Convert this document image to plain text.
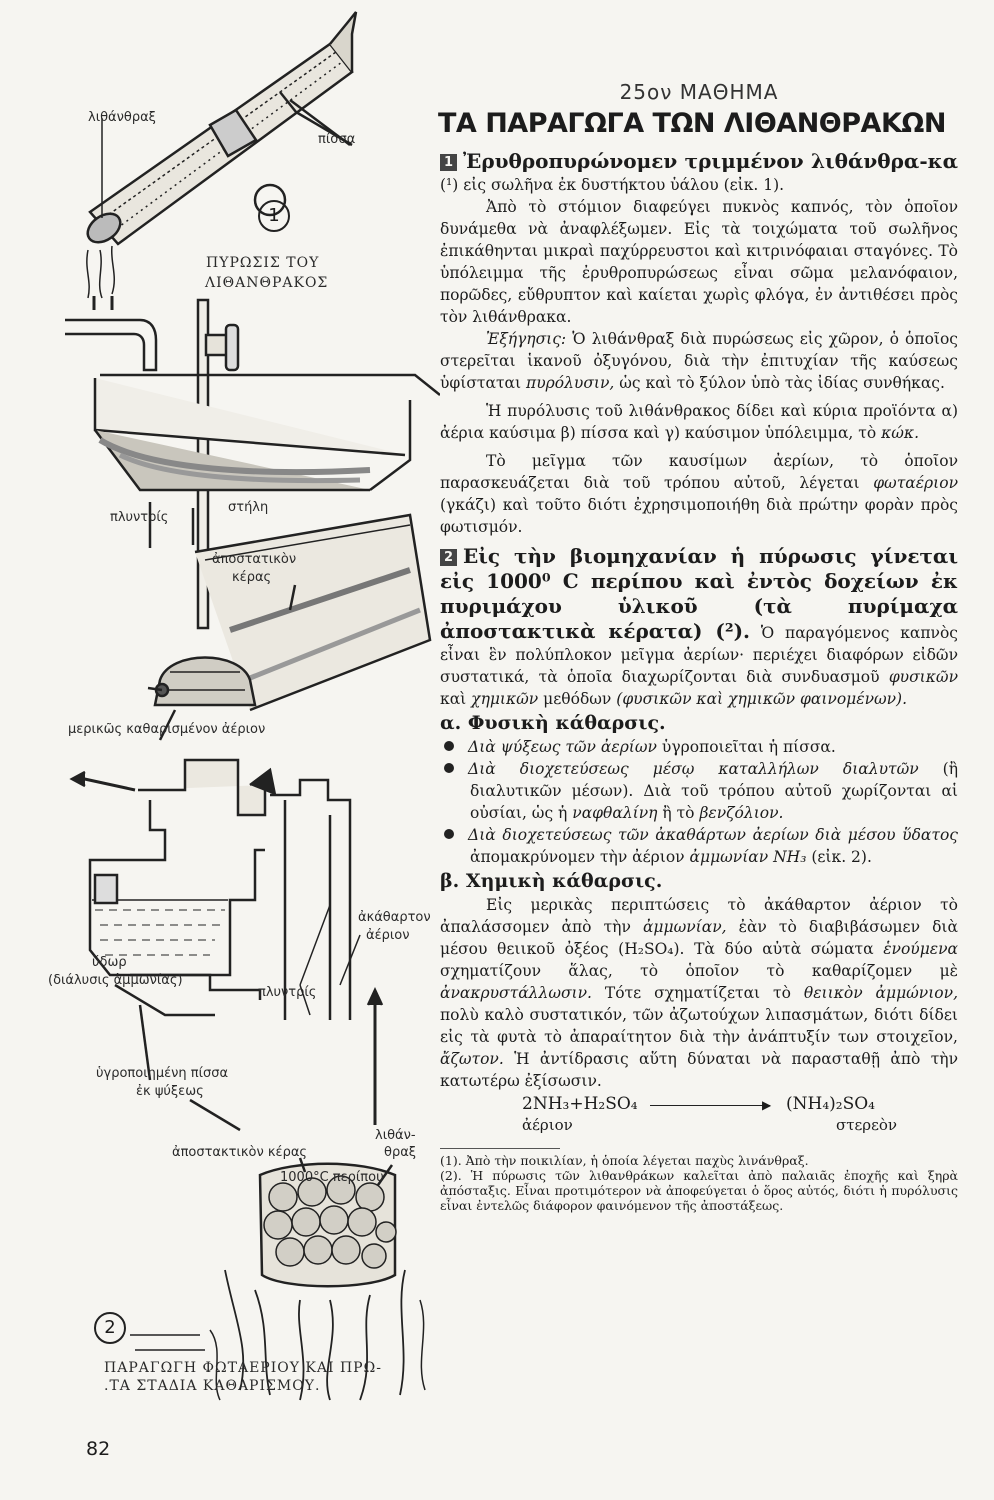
λιθάνθραξ
πίσσα
1
ΠΥΡΩΣΙΣ ΤΟΥ
ΛΙΘΑΝΘΡΑΚΟΣ
πλυντρίς
στήλη
ἀποστατικὸν
κέρας
μερικῶς καθαρισμένον ἀέριον
ἀκάθαρτον
ἀέριον
ὕδωρ
(διάλυσις ἀμμωνίας)
πλυντρίς
ὑγροποιημένη πίσσα
ἐκ ψύξεως
λιθάν-
ἀποστακτικὸν κέρας	θραξ
1000°C περίπου
2
ΠΑΡΑΓΩΓΗ ΦΩΤΑΕΡΙΟΥ ΚΑΙ ΠΡΩ-
.ΤΑ ΣΤΑΔΙΑ ΚΑΘΑΡΙΣΜΟΥ.
82
25ον ΜΑΘΗΜΑ
ΤΑ ΠΑΡΑΓΩΓΑ ΤΩΝ ΛΙΘΑΝΘΡΑΚΩΝ

1 Ἐρυθροπυρώνομεν τριμμένον λιθάνθρα-κα (¹) εἰς σωλῆνα ἐκ δυστήκτου ὑάλου (εἰκ. 1).

Ἀπὸ τὸ στόμιον διαφεύγει πυκνὸς καπνός, τὸν ὁποῖον δυνάμεθα νὰ ἀναφλέξωμεν. Εἰς τὰ τοιχώματα τοῦ σωλῆνος ἐπικάθηνται μικραὶ παχύρρευστοι καὶ κιτρινόφαιαι σταγόνες. Τὸ ὑπόλειμμα τῆς ἐρυθροπυρώσεως εἶναι σῶμα μελανόφαιον, πορῶδες, εὔθρυπτον καὶ καίεται χωρὶς φλόγα, ἐν ἀντιθέσει πρὸς τὸν λιθάνθρακα.

Ἐξήγησις: Ὁ λιθάνθραξ διὰ πυρώσεως εἰς χῶρον, ὁ ὁποῖος στερεῖται ἱκανοῦ ὀξυγόνου, διὰ τὴν ἐπιτυχίαν τῆς καύσεως ὑφίσταται πυρόλυσιν, ὡς καὶ τὸ ξύλον ὑπὸ τὰς ἰδίας συνθήκας.

Ἡ πυρόλυσις τοῦ λιθάνθρακος δίδει καὶ κύρια προϊόντα α) ἀέρια καύσιμα β) πίσσα καὶ γ) καύσιμον ὑπόλειμμα, τὸ κώκ.

Τὸ μεῖγμα τῶν καυσίμων ἀερίων, τὸ ὁποῖον παρασκευάζεται διὰ τοῦ τρόπου αὐτοῦ, λέγεται φωταέριον (γκάζι) καὶ τοῦτο διότι ἐχρησιμοποιήθη διὰ πρώτην φορὰν πρὸς φωτισμόν.

2 Εἰς τὴν βιομηχανίαν ἡ πύρωσις γίνεται εἰς 1000⁰ C περίπου καὶ ἐντὸς δοχείων ἐκ πυριμάχου ὑλικοῦ (τὰ πυρίμαχα ἀποστακτικὰ κέρατα) (²). Ὁ παραγόμενος καπνὸς εἶναι ἓν πολύπλοκον μεῖγμα ἀερίων· περιέχει διαφόρων εἰδῶν συστατικά, τὰ ὁποῖα διαχωρίζονται διὰ συνδυασμοῦ φυσικῶν καὶ χημικῶν μεθόδων (φυσικῶν καὶ χημικῶν φαινομένων).

α. Φυσικὴ κάθαρσις.

Διὰ ψύξεως τῶν ἀερίων ὑγροποιεῖται ἡ πίσσα.

Διὰ διοχετεύσεως μέσῳ καταλλήλων διαλυτῶν (ἢ διαλυτικῶν μέσων). Διὰ τοῦ τρόπου αὐτοῦ χωρίζονται αἱ οὐσίαι, ὡς ἡ ναφθαλίνη ἢ τὸ βενζόλιον.

Διὰ διοχετεύσεως τῶν ἀκαθάρτων ἀερίων διὰ μέσου ὕδατος ἀπομακρύνομεν τὴν ἀέριον ἀμμωνίαν NH₃ (εἰκ. 2).

β. Χημικὴ κάθαρσις.

Εἰς μερικὰς περιπτώσεις τὸ ἀκάθαρτον ἀέριον τὸ ἀπαλάσσομεν ἀπὸ τὴν ἀμμωνίαν, ἐὰν τὸ διαβιβάσωμεν διὰ μέσου θειικοῦ ὀξέος (H₂SO₄). Τὰ δύο αὐτὰ σώματα ἑνούμενα σχηματίζουν ἅλας, τὸ ὁποῖον τὸ καθαρίζομεν μὲ ἀνακρυστάλλωσιν. Τότε σχηματίζεται τὸ θειικὸν ἀμμώνιον, πολὺ καλὸ συστατικόν, τῶν ἀζωτούχων λιπασμάτων, διότι δίδει εἰς τὰ φυτὰ τὸ ἀπαραίτητον διὰ τὴν ἀνάπτυξίν των στοιχεῖον, ἄζωτον. Ἡ ἀντίδρασις αὕτη δύναται νὰ παρασταθῇ ἀπὸ τὴν κατωτέρω ἐξίσωσιν.

2NH₃+H₂SO₄	▶ (NH₄)₂SO₄
ἀέριον	στερεὸν

(1). Ἀπὸ τὴν ποικιλίαν, ἡ ὁποία λέγεται παχὺς λινάνθραξ.

(2). Ἡ πύρωσις τῶν λιθανθράκων καλεῖται ἀπὸ παλαιᾶς ἐποχῆς καὶ ξηρὰ ἀπόσταξις. Εἶναι προτιμότερον νὰ ἀποφεύγεται ὁ ὅρος αὐτός, διότι ἡ πυρόλυσις εἶναι ἐντελῶς διάφορον φαινόμενον τῆς ἀποστάξεως.
